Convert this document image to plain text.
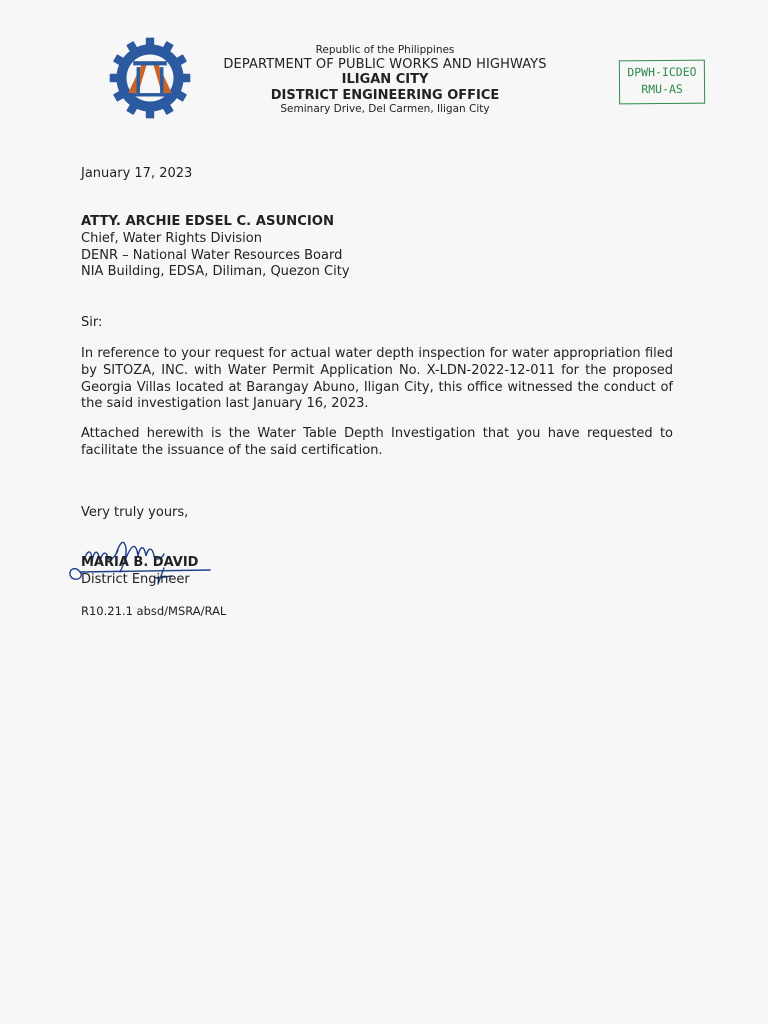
Republic of the Philippines
DEPARTMENT OF PUBLIC WORKS AND HIGHWAYS
ILIGAN CITY
DISTRICT ENGINEERING OFFICE
Seminary Drive, Del Carmen, Iligan City
DPWH-ICDEO
RMU-AS
January 17, 2023
ATTY. ARCHIE EDSEL C. ASUNCION
Chief, Water Rights Division
DENR – National Water Resources Board
NIA Building, EDSA, Diliman, Quezon City
Sir:
In reference to your request for actual water depth inspection for water appropriation filed by SITOZA, INC. with Water Permit Application No. X-LDN-2022-12-011 for the proposed Georgia Villas located at Barangay Abuno, Iligan City, this office witnessed the conduct of the said investigation last January 16, 2023.
Attached herewith is the Water Table Depth Investigation that you have requested to facilitate the issuance of the said certification.
Very truly yours,
MARIA B. DAVID
District Engineer
R10.21.1 absd/MSRA/RAL
